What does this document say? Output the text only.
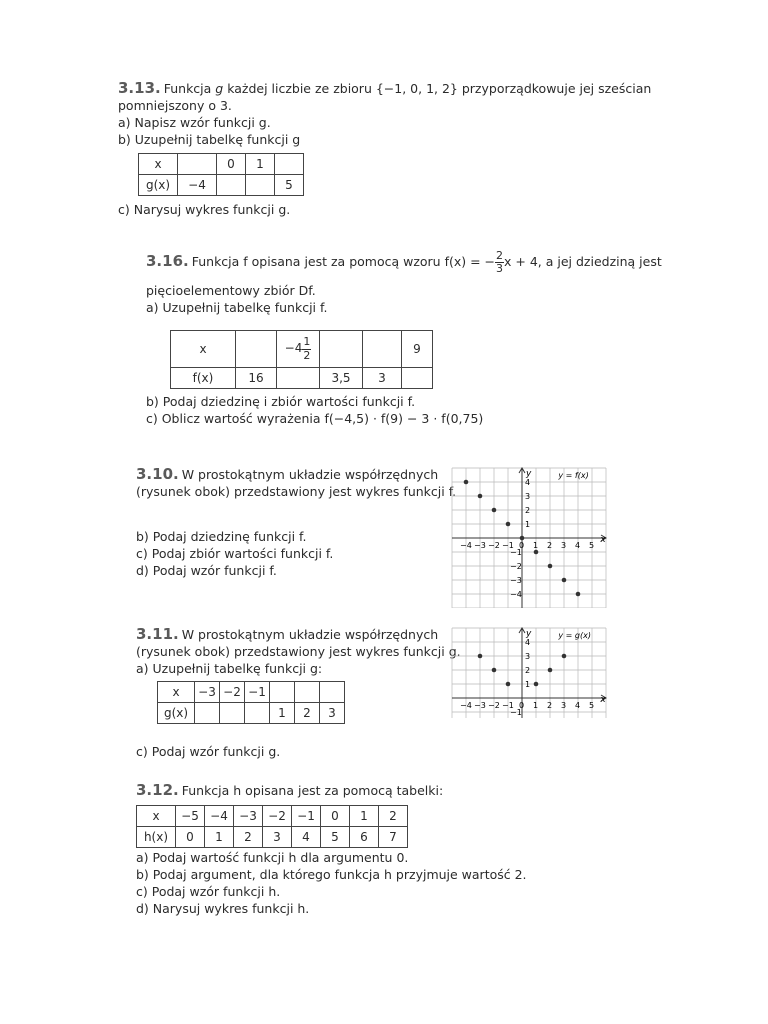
3.13. Funkcja g każdej liczbie ze zbioru {−1, 0, 1, 2} przyporządkowuje jej sześcian
pomniejszony o 3.
a) Napisz wzór funkcji g.
b) Uzupełnij tabelkę funkcji g
x		0	1	
g(x)	−4			5
c) Narysuj wykres funkcji g.
3.16. Funkcja f opisana jest za pomocą wzoru f(x) = − $\frac{2}{3}$ x + 4, a jej dziedziną jest
pięcioelementowy zbiór Df.
a) Uzupełnij tabelkę funkcji f.
x		$-4 \frac{1}{2}$			9
f(x)	16		3,5	3	
b) Podaj dziedzinę i zbiór wartości funkcji f.
c) Oblicz wartość wyrażenia f(−4,5) · f(9) − 3 · f(0,75)
3.10. W prostokątnym układzie współrzędnych
(rysunek obok) przedstawiony jest wykres funkcji f.
b) Podaj dziedzinę funkcji f.
c) Podaj zbiór wartości funkcji f.
d) Podaj wzór funkcji f.
x
y	y = f(x)
−4 −3 −2 −1 0 1 2 3 4 5
1
2
3
4
−1
−2
−3
−4
3.11. W prostokątnym układzie współrzędnych
(rysunek obok) przedstawiony jest wykres funkcji g.
a) Uzupełnij tabelkę funkcji g:
x	−3	−2	−1			
g(x)				1	2	3
c) Podaj wzór funkcji g.
x
y	y = g(x)
−4 −3 −2 −1 0 1 2 3 4 5
1
2
3
4
−1
3.12. Funkcja h opisana jest za pomocą tabelki:
x	−5	−4	−3	−2	−1	0	1	2
h(x)	0	1	2	3	4	5	6	7
a) Podaj wartość funkcji h dla argumentu 0.
b) Podaj argument, dla którego funkcja h przyjmuje wartość 2.
c) Podaj wzór funkcji h.
d) Narysuj wykres funkcji h.
